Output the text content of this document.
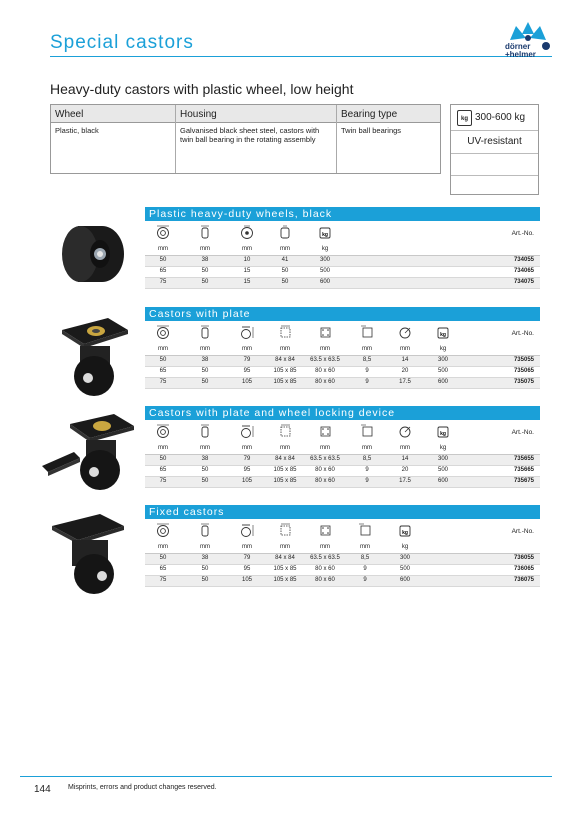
Special castors	dörner
+helmer
Heavy-duty castors with plastic wheel, low height
Wheel
Plastic, black
Housing
Galvanised black sheet steel, castors with twin ball bearing in the rotating assembly
Bearing type
Twin ball bearings
kg 300-600 kg
UV-resistant
Plastic heavy-duty wheels, black
kg	Art.-No.
mm	mm	mm	mm	kg
50	38	10	41	300	734055
65	50	15	50	500	734065
75	50	15	50	600	734075
Castors with plate
kg	Art.-No.
mm	mm	mm	mm	mm	mm	mm	kg
50	38	79	84 x 84	63.5 x 63.5	8,5	14	300	735055
65	50	95	105 x 85	80 x 60	9	20	500	735065
75	50	105	105 x 85	80 x 60	9	17.5	600	735075
Castors with plate and wheel locking device
kg	Art.-No.
mm	mm	mm	mm	mm	mm	mm	kg
50	38	79	84 x 84	63.5 x 63.5	8,5	14	300	735655
65	50	95	105 x 85	80 x 60	9	20	500	735665
75	50	105	105 x 85	80 x 60	9	17.5	600	735675
Fixed castors
kg	Art.-No.
mm	mm	mm	mm	mm	mm	kg
50	38	79	84 x 84	63.5 x 63.5	8,5	300	736055
65	50	95	105 x 85	80 x 60	9	500	736065
75	50	105	105 x 85	80 x 60	9	600	736075
144 Misprints, errors and product changes reserved.
